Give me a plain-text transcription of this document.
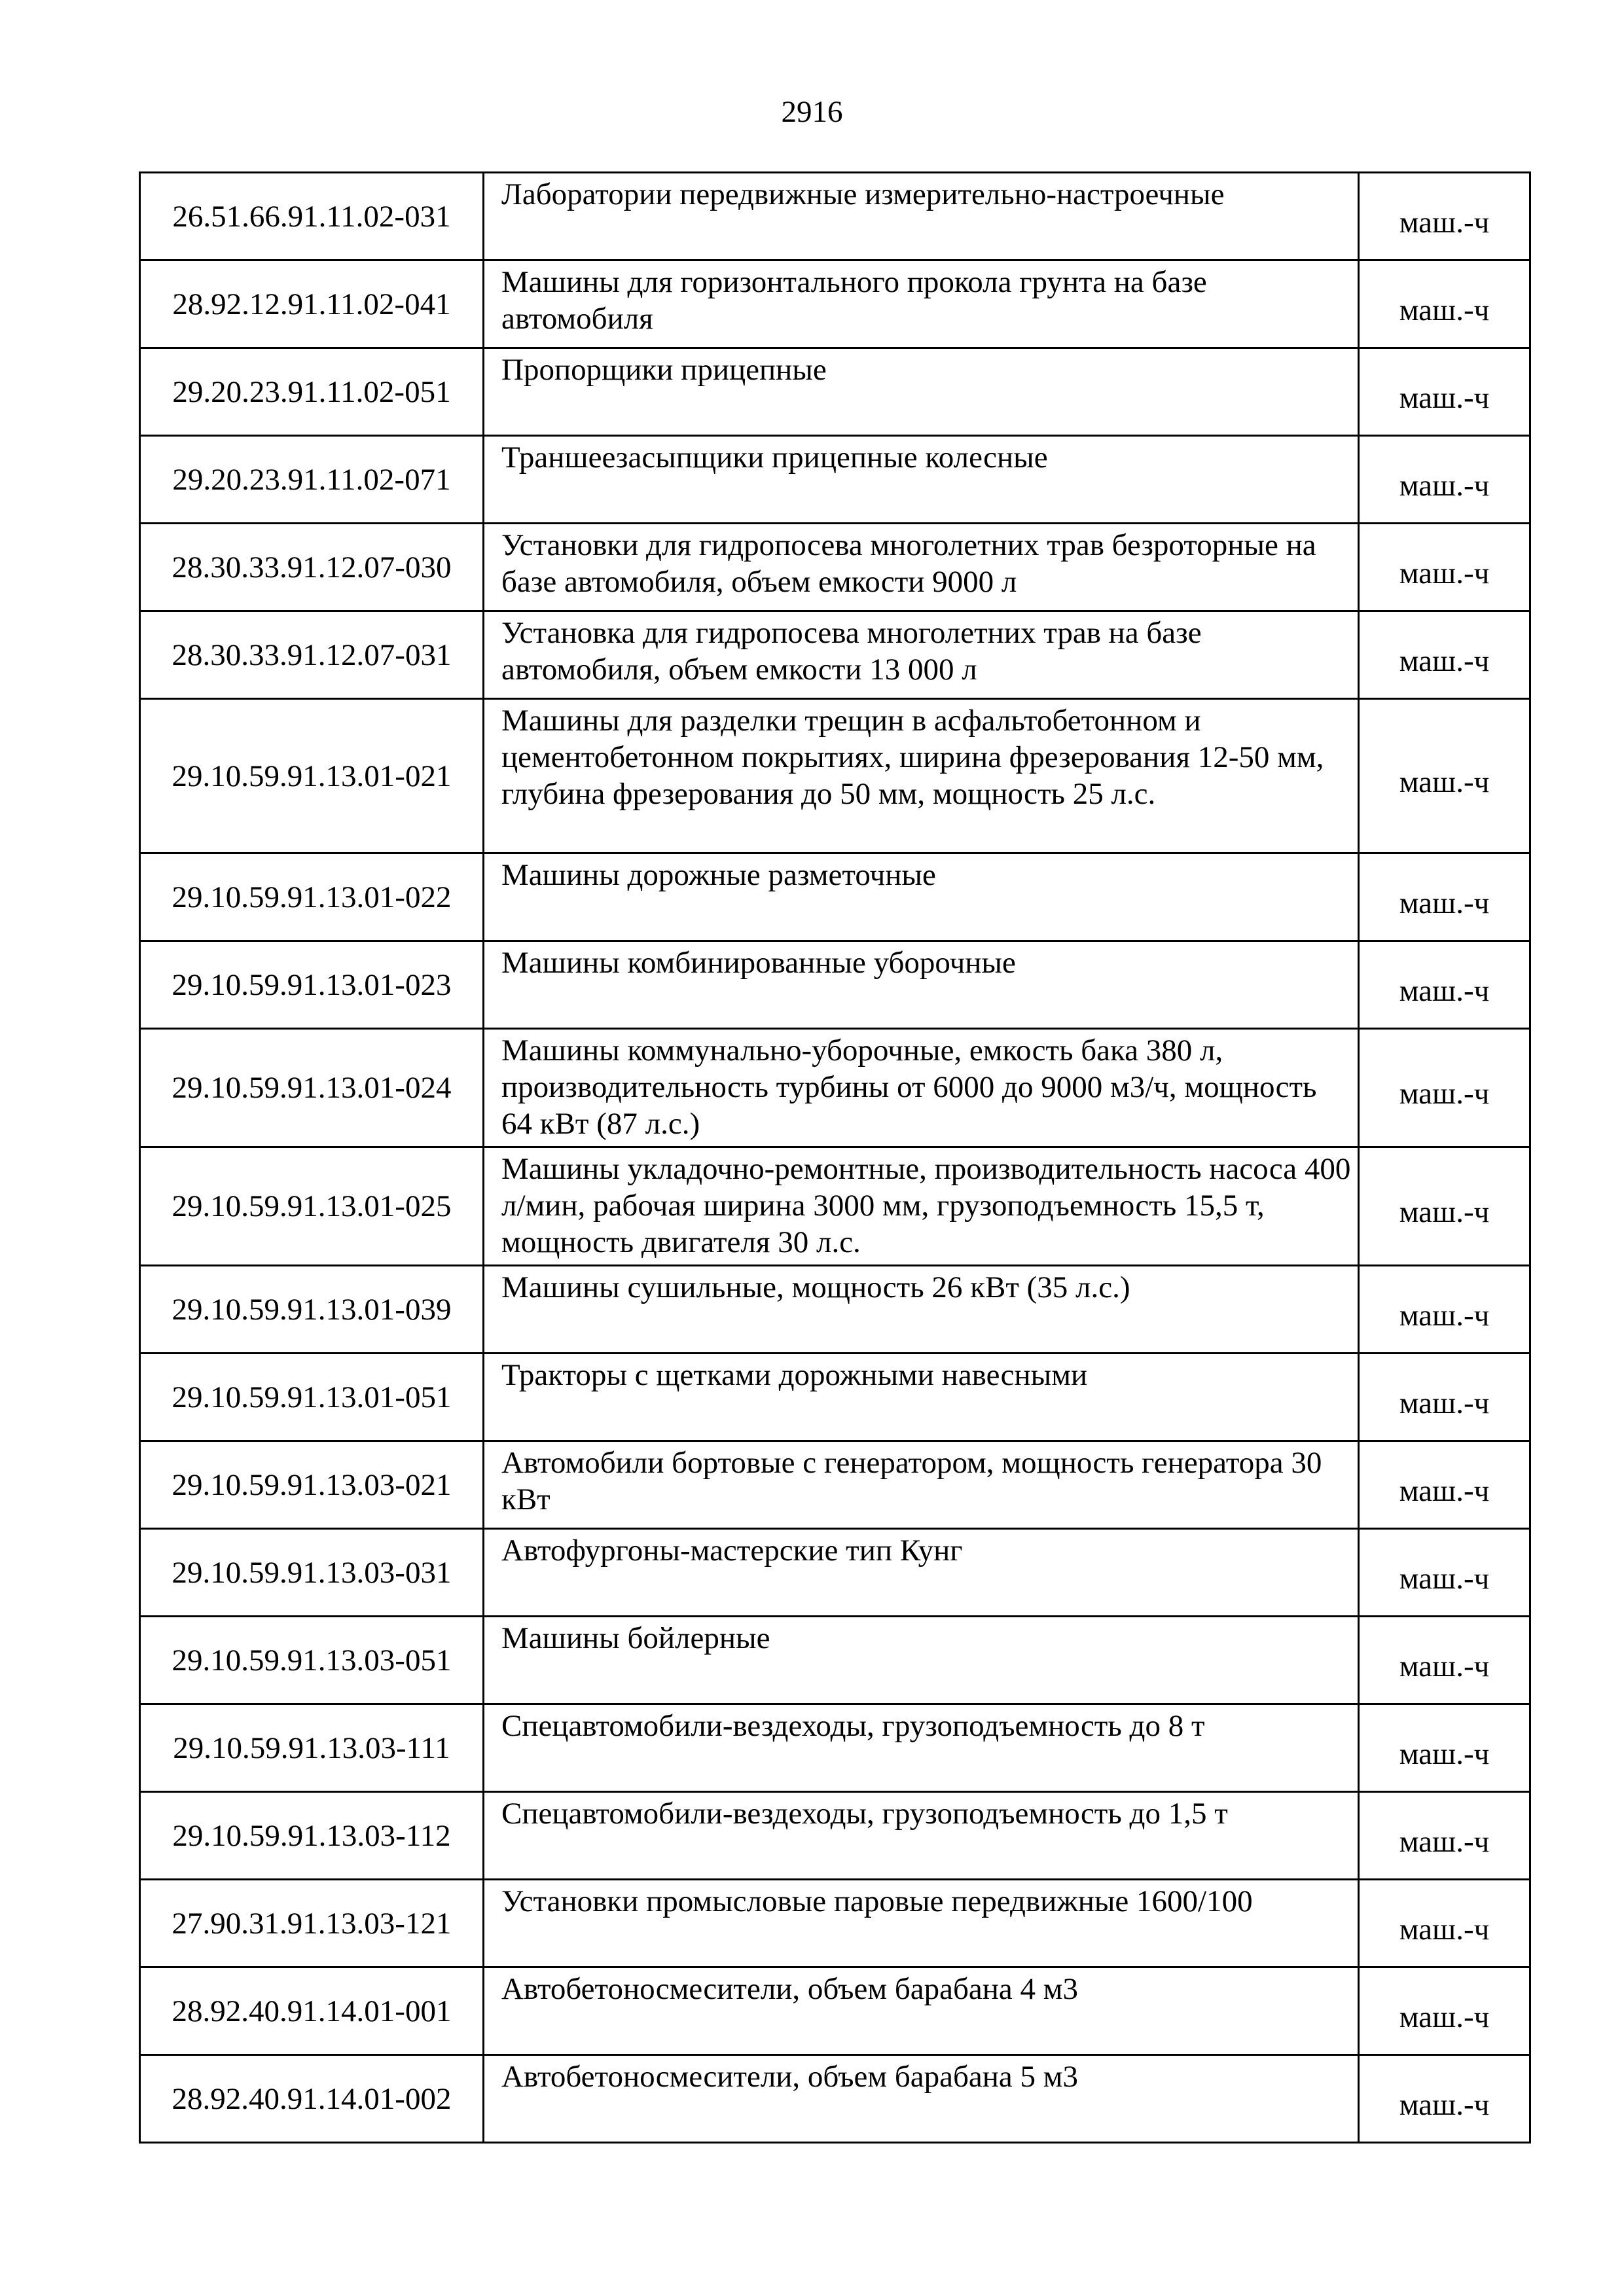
2916
26.51.66.91.11.02-031	Лаборатории передвижные измерительно-настроечные	маш.-ч
28.92.12.91.11.02-041	Машины для горизонтального прокола грунта на базе автомобиля	маш.-ч
29.20.23.91.11.02-051	Пропорщики прицепные	маш.-ч
29.20.23.91.11.02-071	Траншеезасыпщики прицепные колесные	маш.-ч
28.30.33.91.12.07-030	Установки для гидропосева многолетних трав безроторные на базе автомобиля, объем емкости 9000 л	маш.-ч
28.30.33.91.12.07-031	Установка для гидропосева многолетних трав на базе автомобиля, объем емкости 13 000 л	маш.-ч
29.10.59.91.13.01-021	Машины для разделки трещин в асфальтобетонном и цементобетонном покрытиях, ширина фрезерования 12-50 мм, глубина фрезерования до 50 мм, мощность 25 л.с.	маш.-ч
29.10.59.91.13.01-022	Машины дорожные разметочные	маш.-ч
29.10.59.91.13.01-023	Машины комбинированные уборочные	маш.-ч
29.10.59.91.13.01-024	Машины коммунально-уборочные, емкость бака 380 л, производительность турбины от 6000 до 9000 м3/ч, мощность 64 кВт (87 л.с.)	маш.-ч
29.10.59.91.13.01-025	Машины укладочно-ремонтные, производительность насоса 400 л/мин, рабочая ширина 3000 мм, грузоподъемность 15,5 т, мощность двигателя 30 л.с.	маш.-ч
29.10.59.91.13.01-039	Машины сушильные, мощность 26 кВт (35 л.с.)	маш.-ч
29.10.59.91.13.01-051	Тракторы с щетками дорожными навесными	маш.-ч
29.10.59.91.13.03-021	Автомобили бортовые с генератором, мощность генератора 30 кВт	маш.-ч
29.10.59.91.13.03-031	Автофургоны-мастерские тип Кунг	маш.-ч
29.10.59.91.13.03-051	Машины бойлерные	маш.-ч
29.10.59.91.13.03-111	Спецавтомобили-вездеходы, грузоподъемность до 8 т	маш.-ч
29.10.59.91.13.03-112	Спецавтомобили-вездеходы, грузоподъемность до 1,5 т	маш.-ч
27.90.31.91.13.03-121	Установки промысловые паровые передвижные 1600/100	маш.-ч
28.92.40.91.14.01-001	Автобетоносмесители, объем барабана 4 м3	маш.-ч
28.92.40.91.14.01-002	Автобетоносмесители, объем барабана 5 м3	маш.-ч
